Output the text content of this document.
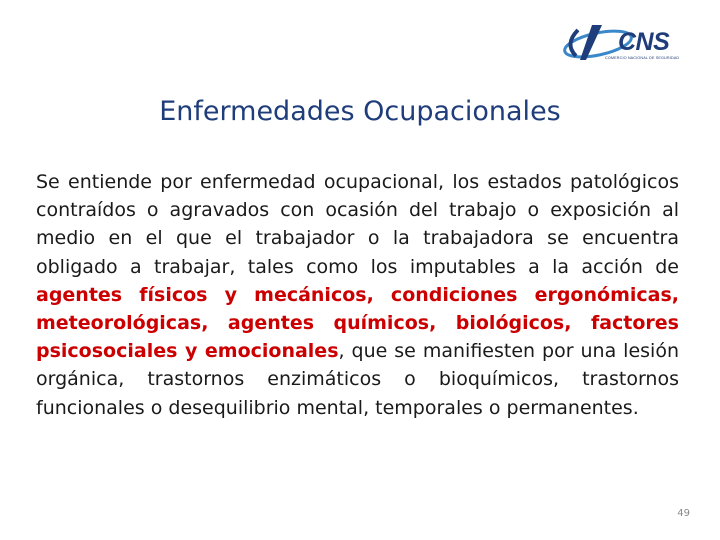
CNS
COMERCIO NACIONAL DE SEGURIDAD
Enfermedades Ocupacionales
Se entiende por enfermedad ocupacional, los estados patológicos contraídos o agravados con ocasión del trabajo o exposición al medio en el que el trabajador o la trabajadora se encuentra obligado a trabajar, tales como los imputables a la acción de agentes físicos y mecánicos, condiciones ergonómicas, meteorológicas, agentes químicos, biológicos, factores psicosociales y emocionales, que se manifiesten por una lesión orgánica, trastornos enzimáticos o bioquímicos, trastornos funcionales o desequilibrio mental, temporales o permanentes.
49
